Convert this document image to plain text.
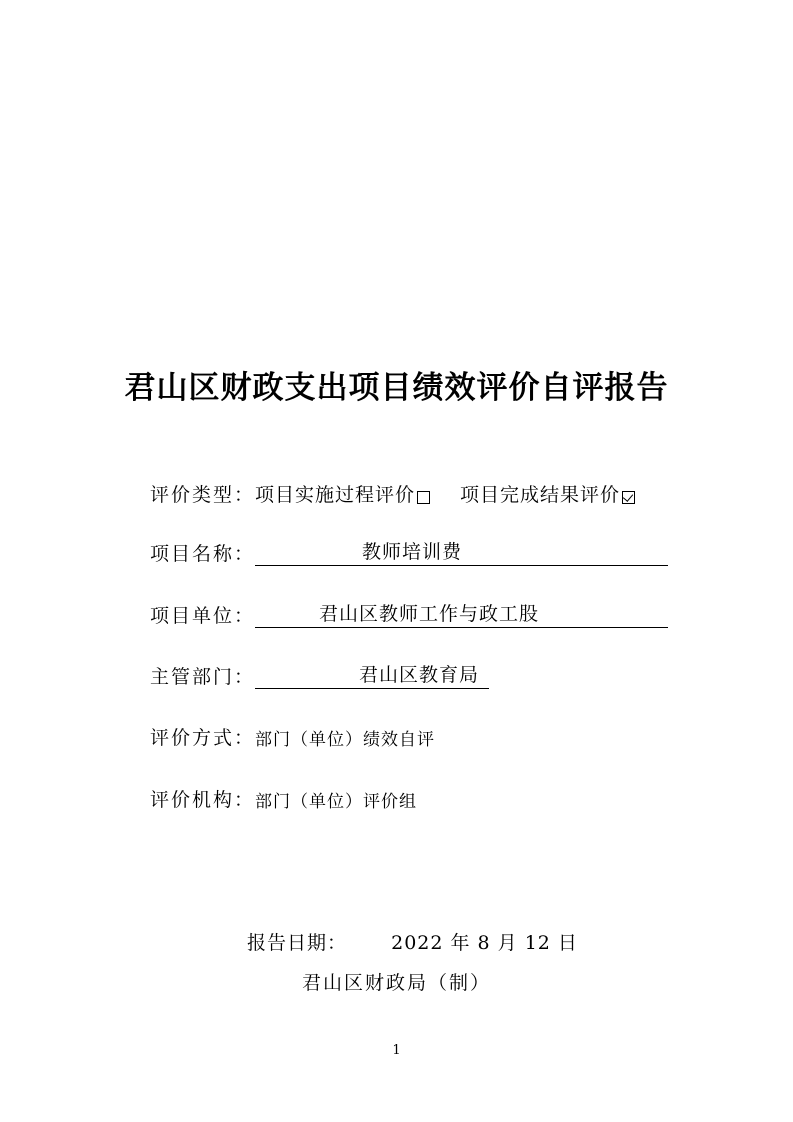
君山区财政支出项目绩效评价自评报告
评价类型： 项目实施过程评价 项目完成结果评价
项目名称：	教师培训费
项目单位：	君山区教师工作与政工股
主管部门：	君山区教育局
评价方式： 部门（单位）绩效自评
评价机构： 部门（单位）评价组
报告日期： 2022 年 8 月 12 日
君山区财政局（制）
1
